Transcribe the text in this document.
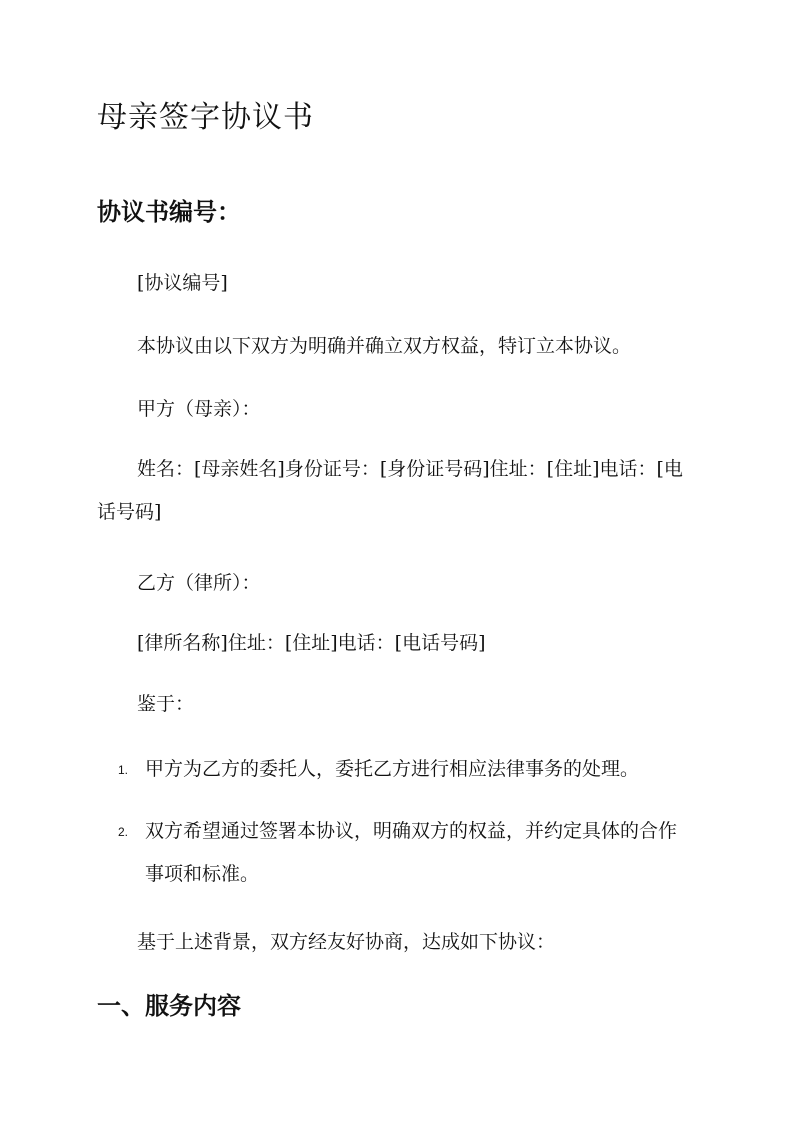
母亲签字协议书
协议书编号：

[协议编号]

本协议由以下双方为明确并确立双方权益，特订立本协议。

甲方（母亲）：

姓名：[母亲姓名]身份证号：[身份证号码]住址：[住址]电话：[电话号码]

乙方（律所）：

[律所名称]住址：[住址]电话：[电话号码]

鉴于：

1. 甲方为乙方的委托人，委托乙方进行相应法律事务的处理。
2. 双方希望通过签署本协议，明确双方的权益，并约定具体的合作事项和标准。

基于上述背景，双方经友好协商，达成如下协议：

一、服务内容
